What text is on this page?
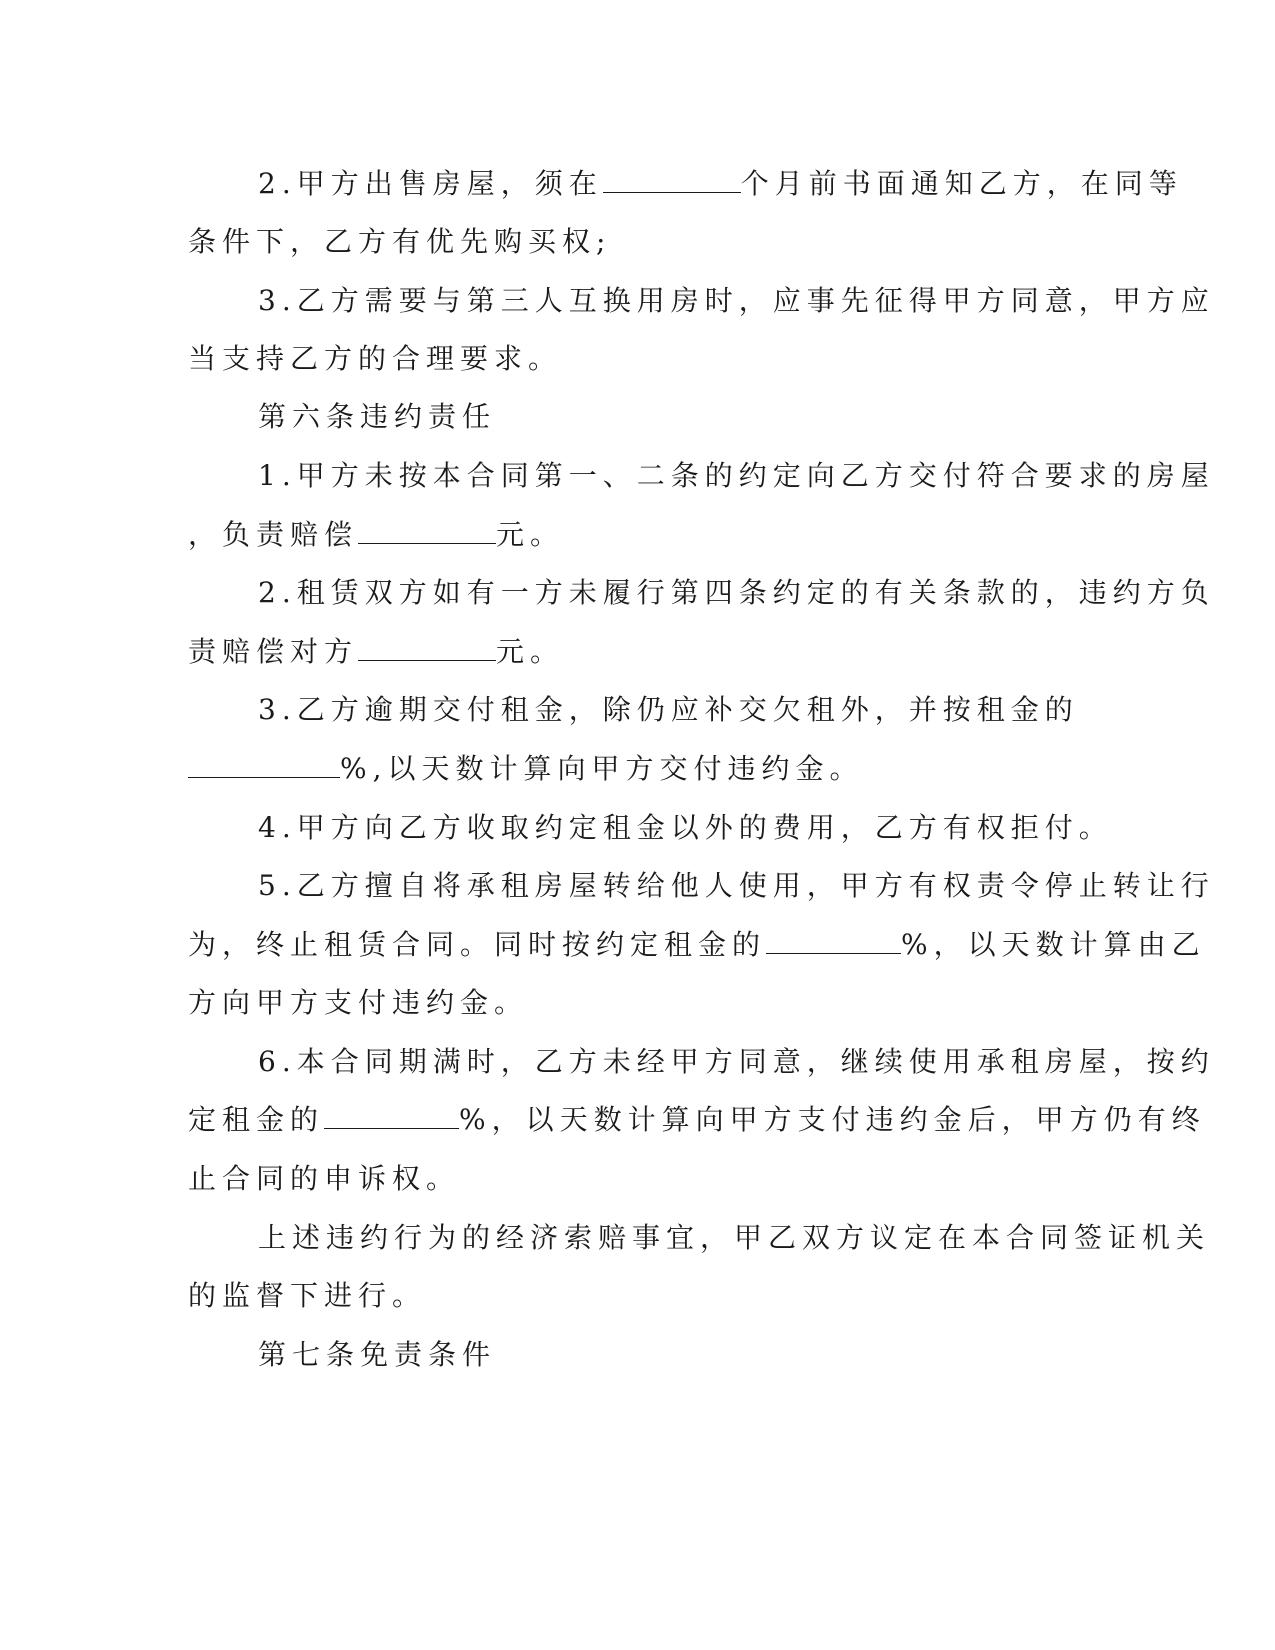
2.甲方出售房屋，须在	个月前书面通知乙方，在同等
条件下，乙方有优先购买权;
3.乙方需要与第三人互换用房时，应事先征得甲方同意，甲方应
当支持乙方的合理要求。
第六条违约责任
1.甲方未按本合同第一、二条的约定向乙方交付符合要求的房屋
，负责赔偿	元。
2.租赁双方如有一方未履行第四条约定的有关条款的，违约方负
责赔偿对方	元。
3.乙方逾期交付租金，除仍应补交欠租外，并按租金的
%,以天数计算向甲方交付违约金。
4.甲方向乙方收取约定租金以外的费用，乙方有权拒付。
5.乙方擅自将承租房屋转给他人使用，甲方有权责令停止转让行
为，终止租赁合同。同时按约定租金的	%，以天数计算由乙
方向甲方支付违约金。
6.本合同期满时，乙方未经甲方同意，继续使用承租房屋，按约
定租金的	%，以天数计算向甲方支付违约金后，甲方仍有终
止合同的申诉权。
上述违约行为的经济索赔事宜，甲乙双方议定在本合同签证机关
的监督下进行。
第七条免责条件
